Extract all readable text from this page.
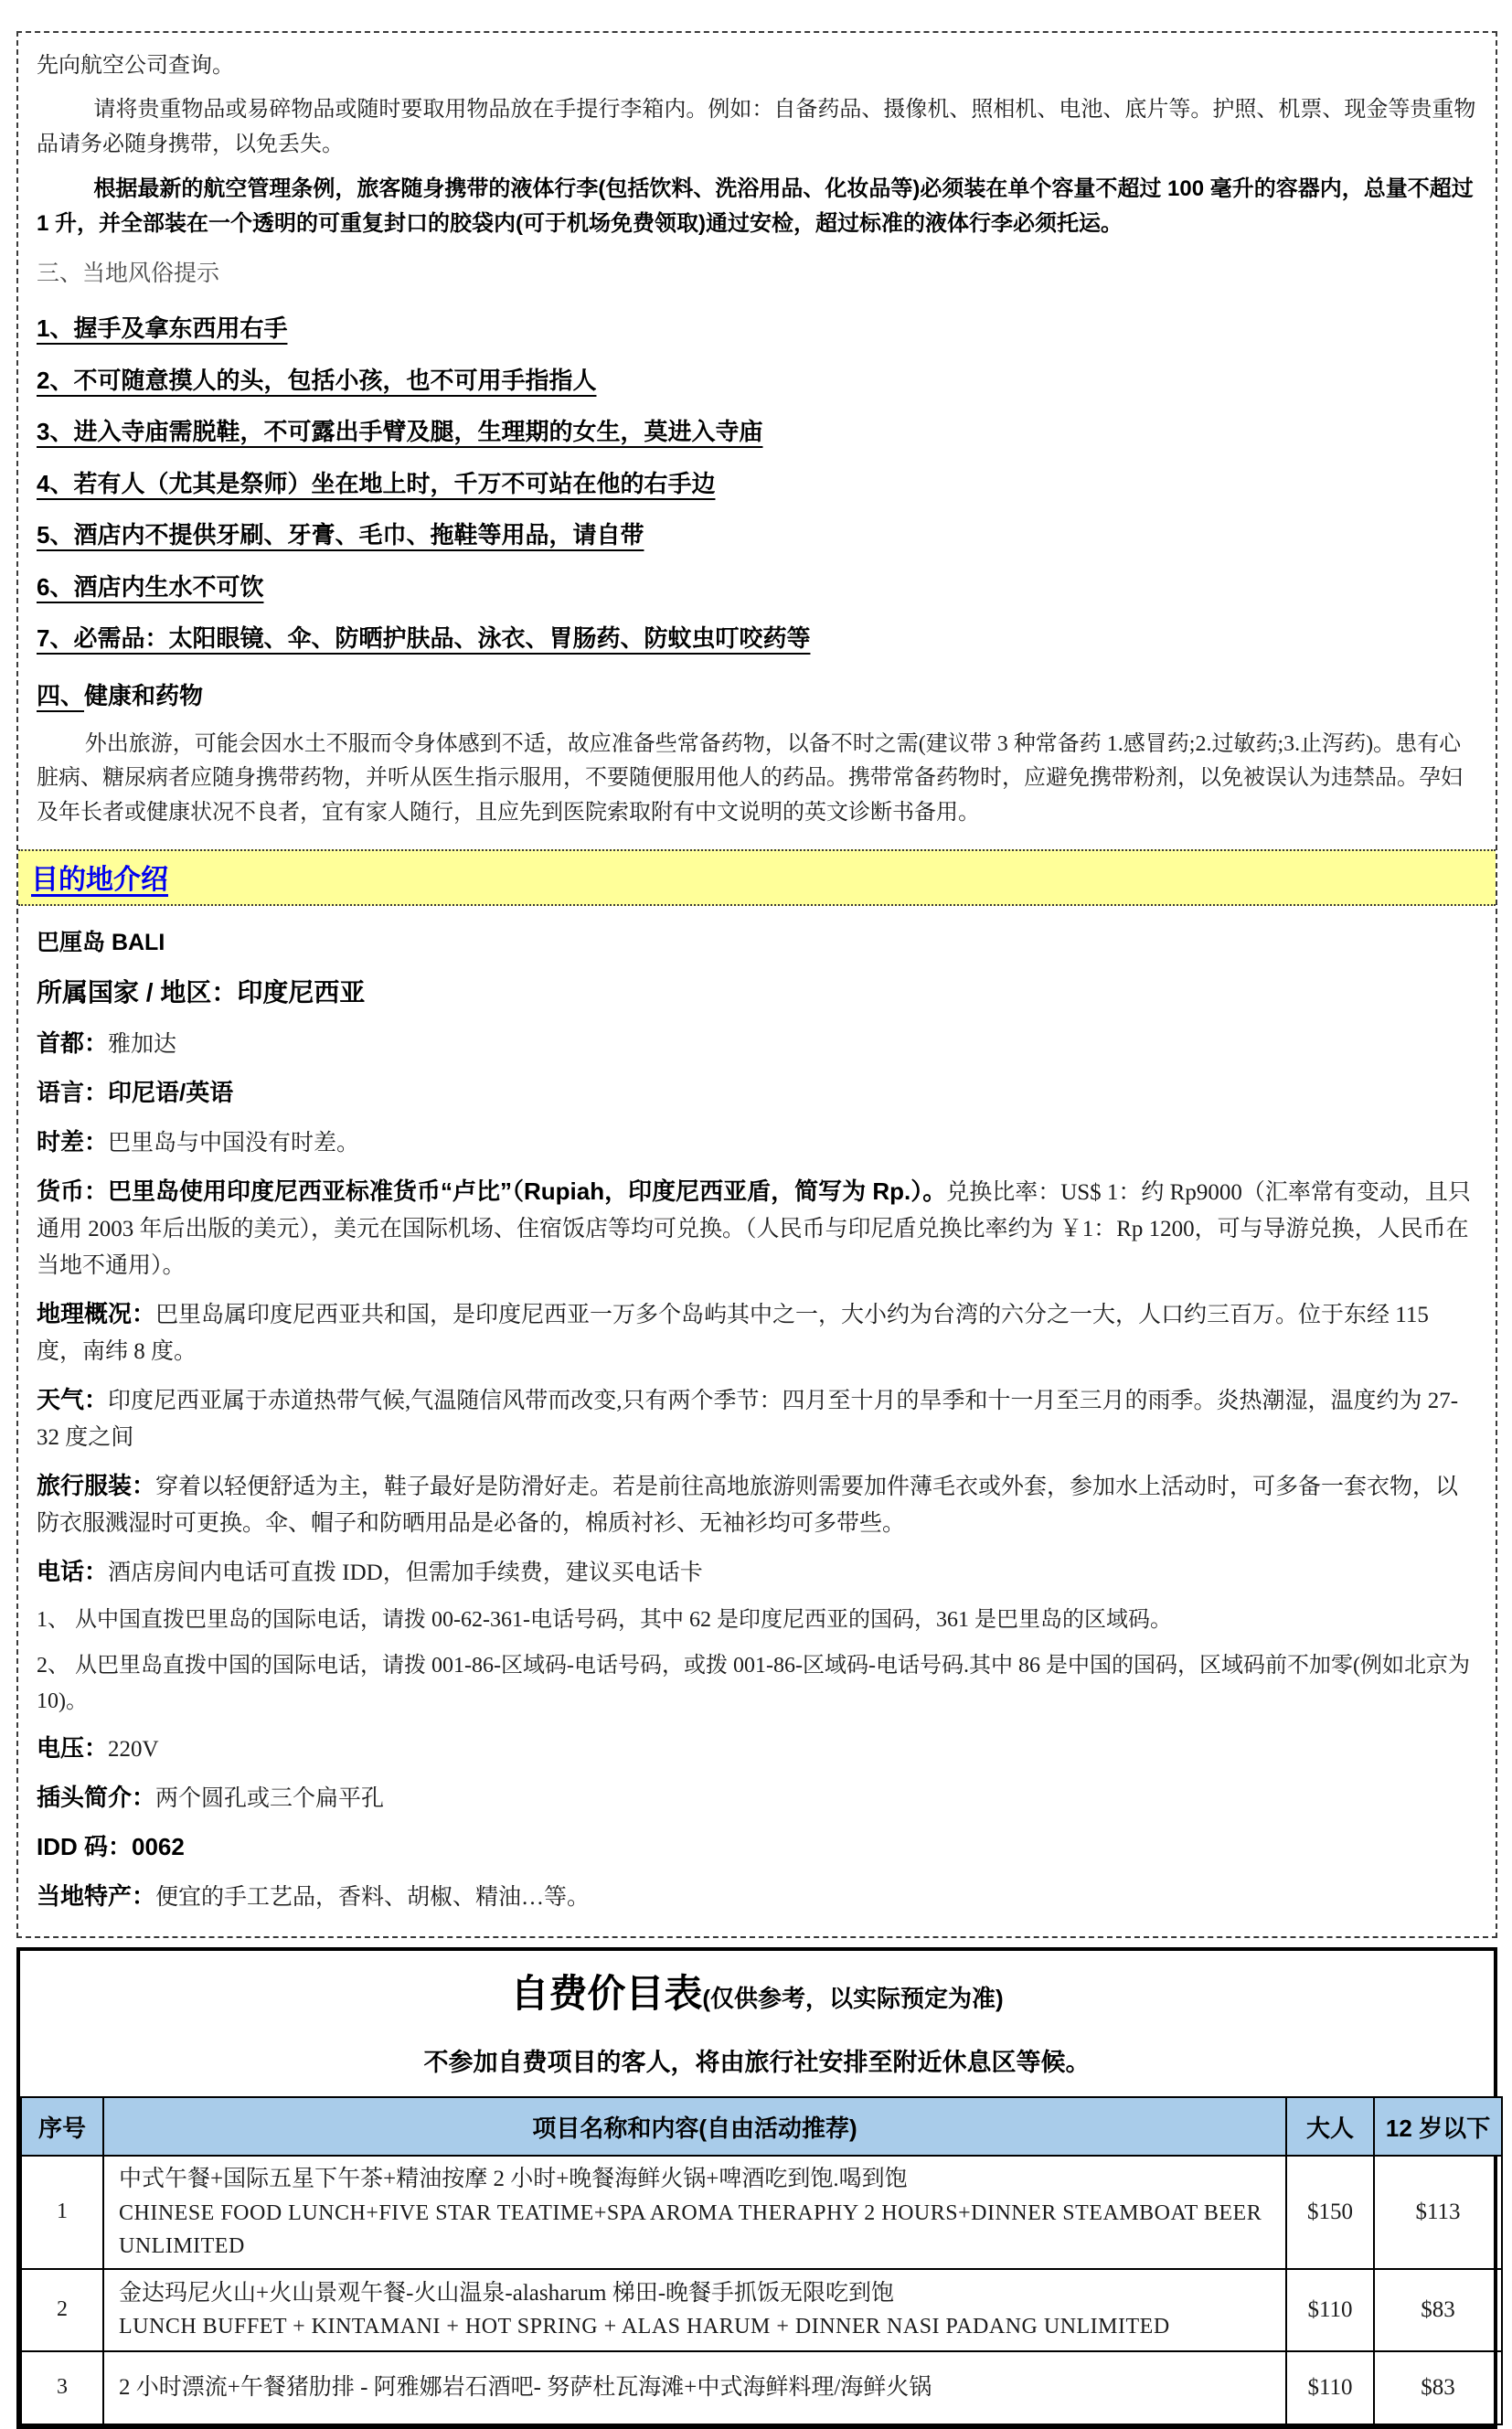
先向航空公司查询。

请将贵重物品或易碎物品或随时要取用物品放在手提行李箱内。例如：自备药品、摄像机、照相机、电池、底片等。护照、机票、现金等贵重物品请务必随身携带，以免丢失。

根据最新的航空管理条例，旅客随身携带的液体行李(包括饮料、洗浴用品、化妆品等)必须装在单个容量不超过 100 毫升的容器内，总量不超过 1 升，并全部装在一个透明的可重复封口的胶袋内(可于机场免费领取)通过安检，超过标准的液体行李必须托运。

三、当地风俗提示

1、握手及拿东西用右手

2、不可随意摸人的头，包括小孩，也不可用手指指人

3、进入寺庙需脱鞋，不可露出手臂及腿，生理期的女生，莫进入寺庙

4、若有人（尤其是祭师）坐在地上时，千万不可站在他的右手边

5、酒店内不提供牙刷、牙膏、毛巾、拖鞋等用品，请自带

6、酒店内生水不可饮

7、必需品：太阳眼镜、伞、防晒护肤品、泳衣、胃肠药、防蚊虫叮咬药等

四、健康和药物

外出旅游，可能会因水土不服而令身体感到不适，故应准备些常备药物，以备不时之需(建议带 3 种常备药 1.感冒药;2.过敏药;3.止泻药)。患有心脏病、糖尿病者应随身携带药物，并听从医生指示服用，不要随便服用他人的药品。携带常备药物时，应避免携带粉剂，以免被误认为违禁品。孕妇及年长者或健康状况不良者，宜有家人随行，且应先到医院索取附有中文说明的英文诊断书备用。

目的地介绍

巴厘岛 BALI

所属国家 / 地区：印度尼西亚

首都：雅加达

语言：印尼语/英语

时差：巴里岛与中国没有时差。

货币：巴里岛使用印度尼西亚标准货币“卢比”（Rupiah，印度尼西亚盾，简写为 Rp.）。兑换比率：US$ 1：约 Rp9000（汇率常有变动，且只通用 2003 年后出版的美元），美元在国际机场、住宿饭店等均可兑换。（人民币与印尼盾兑换比率约为 ￥1：Rp 1200，可与导游兑换，人民币在当地不通用）。

地理概况：巴里岛属印度尼西亚共和国，是印度尼西亚一万多个岛屿其中之一，大小约为台湾的六分之一大，人口约三百万。位于东经 115 度，南纬 8 度。

天气：印度尼西亚属于赤道热带气候,气温随信风带而改变,只有两个季节：四月至十月的旱季和十一月至三月的雨季。炎热潮湿，温度约为 27-32 度之间

旅行服装：穿着以轻便舒适为主，鞋子最好是防滑好走。若是前往高地旅游则需要加件薄毛衣或外套，参加水上活动时，可多备一套衣物，以防衣服溅湿时可更换。伞、帽子和防晒用品是必备的，棉质衬衫、无袖衫均可多带些。

电话：酒店房间内电话可直拨 IDD，但需加手续费，建议买电话卡

1、 从中国直拨巴里岛的国际电话，请拨 00-62-361-电话号码，其中 62 是印度尼西亚的国码，361 是巴里岛的区域码。

2、 从巴里岛直拨中国的国际电话，请拨 001-86-区域码-电话号码，或拨 001-86-区域码-电话号码.其中 86 是中国的国码，区域码前不加零(例如北京为 10)。

电压：220V

插头简介：两个圆孔或三个扁平孔

IDD 码：0062

当地特产：便宜的手工艺品，香料、胡椒、精油…等。

自费价目表(仅供参考，以实际预定为准)
不参加自费项目的客人，将由旅行社安排至附近休息区等候。
序号	项目名称和内容(自由活动推荐)	大人	12 岁以下
1	中式午餐+国际五星下午茶+精油按摩 2 小时+晚餐海鲜火锅+啤酒吃到饱.喝到饱
CHINESE FOOD LUNCH+FIVE STAR TEATIME+SPA AROMA THERAPHY 2 HOURS+DINNER STEAMBOAT BEER UNLIMITED	$150	$113
2	金达玛尼火山+火山景观午餐-火山温泉-alasharum 梯田-晚餐手抓饭无限吃到饱
LUNCH BUFFET + KINTAMANI + HOT SPRING + ALAS HARUM + DINNER NASI PADANG UNLIMITED	$110	$83
3	2 小时漂流+午餐猪肋排 - 阿雅娜岩石酒吧- 努萨杜瓦海滩+中式海鲜料理/海鲜火锅	$110	$83
